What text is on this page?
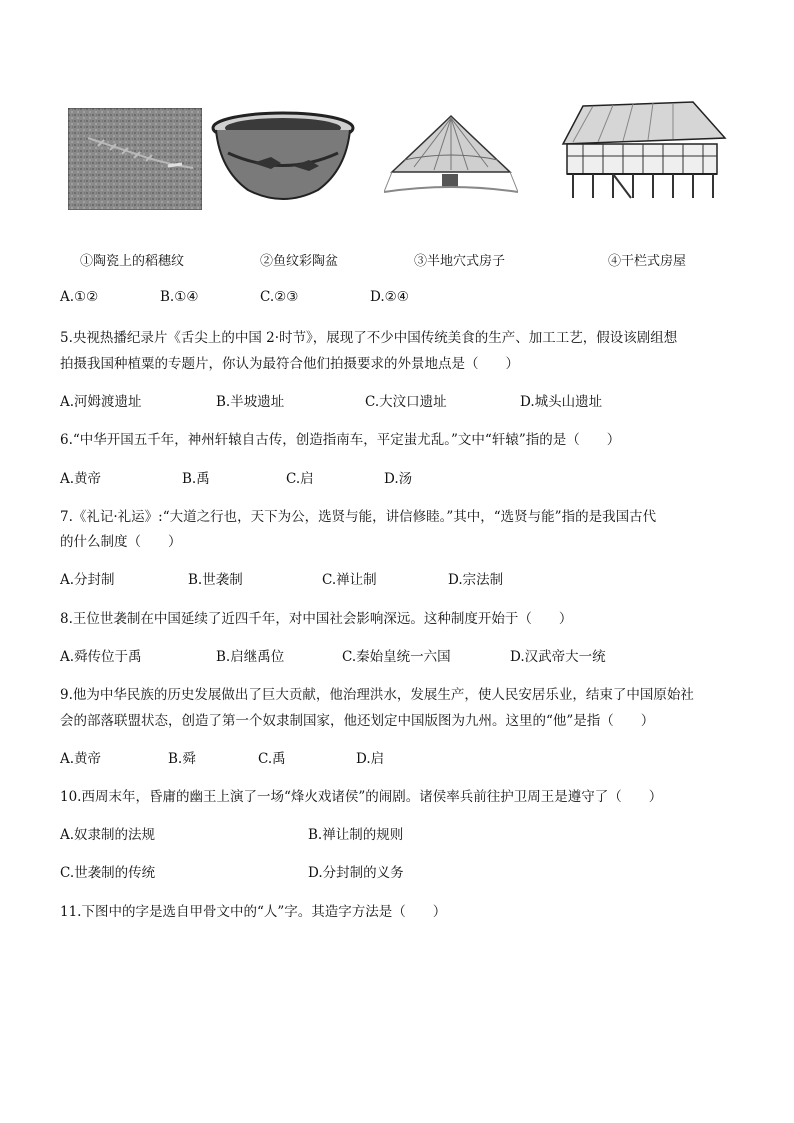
①陶瓷上的稻穗纹	②鱼纹彩陶盆	③半地穴式房子	④干栏式房屋
A.①②	B.①④	C.②③	D.②④
5.央视热播纪录片《舌尖上的中国 2·时节》，展现了不少中国传统美食的生产、加工工艺，假设该剧组想
拍摄我国种植粟的专题片，你认为最符合他们拍摄要求的外景地点是（　　）
A.河姆渡遗址	B.半坡遗址	C.大汶口遗址	D.城头山遗址
6.“中华开国五千年，神州轩辕自古传，创造指南车，平定蚩尤乱。”文中“轩辕”指的是（　　）
A.黄帝	B.禹	C.启	D.汤
7.《礼记·礼运》:“大道之行也，天下为公，选贤与能，讲信修睦。”其中，“选贤与能”指的是我国古代
的什么制度（　　）
A.分封制	B.世袭制	C.禅让制	D.宗法制
8.王位世袭制在中国延续了近四千年，对中国社会影响深远。这种制度开始于（　　）
A.舜传位于禹	B.启继禹位	C.秦始皇统一六国	D.汉武帝大一统
9.他为中华民族的历史发展做出了巨大贡献，他治理洪水，发展生产，使人民安居乐业，结束了中国原始社
会的部落联盟状态，创造了第一个奴隶制国家，他还划定中国版图为九州。这里的“他”是指（　　）
A.黄帝	B.舜	C.禹	D.启
10.西周末年，昏庸的幽王上演了一场“烽火戏诸侯”的闹剧。诸侯率兵前往护卫周王是遵守了（　　）
A.奴隶制的法规	B.禅让制的规则
C.世袭制的传统	D.分封制的义务
11.下图中的字是选自甲骨文中的“人”字。其造字方法是（　　）
